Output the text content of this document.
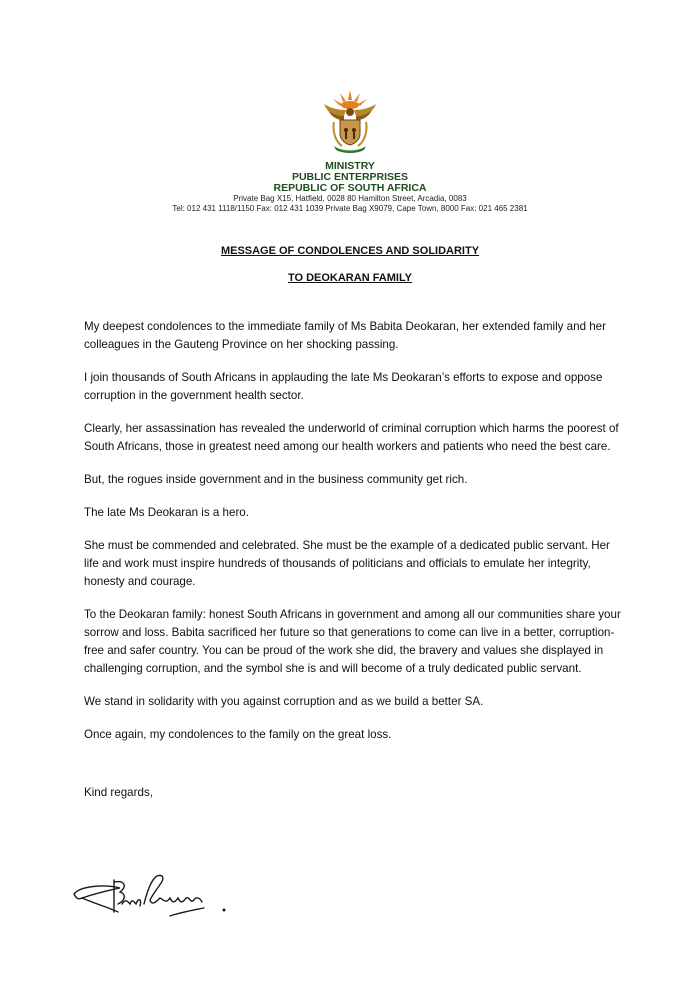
MINISTRY
PUBLIC ENTERPRISES
REPUBLIC OF SOUTH AFRICA
Private Bag X15, Hatfield, 0028 80 Hamilton Street, Arcadia, 0083
Tel: 012 431 1118/1150 Fax: 012 431 1039 Private Bag X9079, Cape Town, 8000 Fax: 021 465 2381
MESSAGE OF CONDOLENCES AND SOLIDARITY
TO DEOKARAN FAMILY

My deepest condolences to the immediate family of Ms Babita Deokaran, her extended family and her colleagues in the Gauteng Province on her shocking passing.

I join thousands of South Africans in applauding the late Ms Deokaran’s efforts to expose and oppose corruption in the government health sector.

Clearly, her assassination has revealed the underworld of criminal corruption which harms the poorest of South Africans, those in greatest need among our health workers and patients who need the best care.

But, the rogues inside government and in the business community get rich.

The late Ms Deokaran is a hero.

She must be commended and celebrated. She must be the example of a dedicated public servant. Her life and work must inspire hundreds of thousands of politicians and officials to emulate her integrity, honesty and courage.

To the Deokaran family: honest South Africans in government and among all our communities share your sorrow and loss. Babita sacrificed her future so that generations to come can live in a better, corruption-free and safer country. You can be proud of the work she did, the bravery and values she displayed in challenging corruption, and the symbol she is and will become of a truly dedicated public servant.

We stand in solidarity with you against corruption and as we build a better SA.

Once again, my condolences to the family on the great loss.

Kind regards,
